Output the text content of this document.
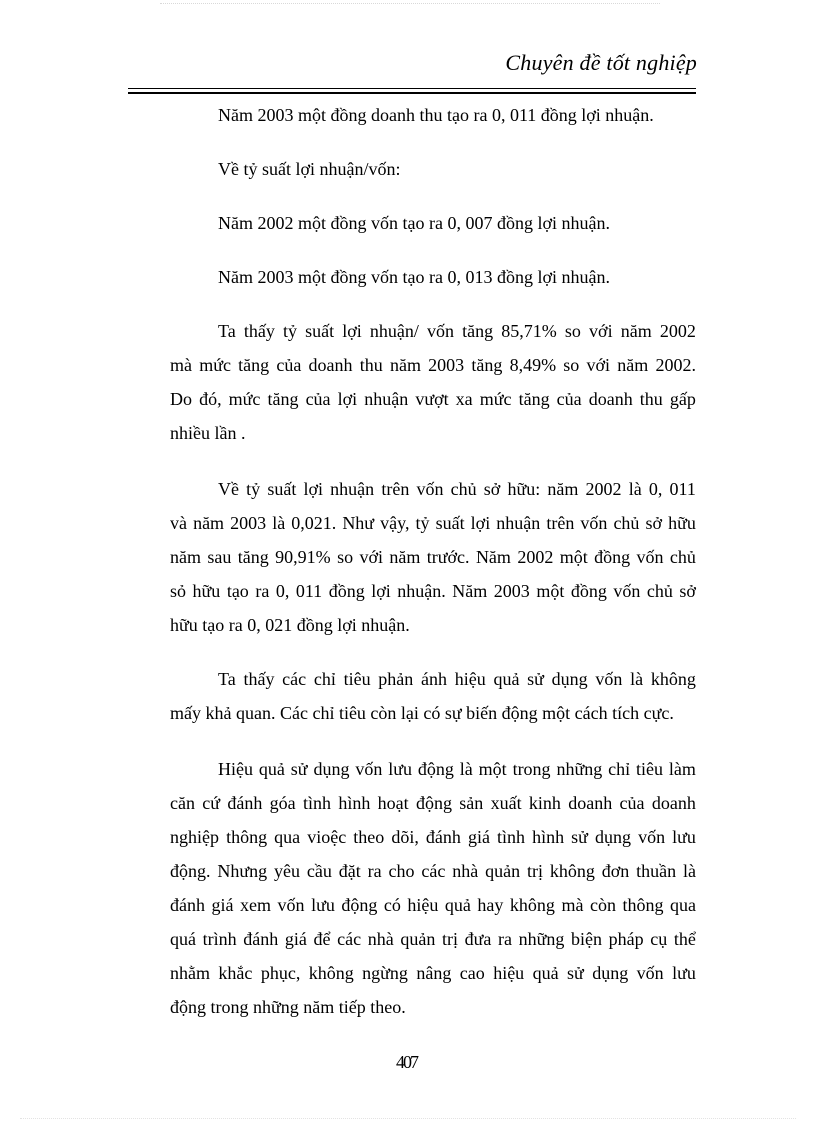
Chuyên đề tốt nghiệp
Năm 2003 một đồng doanh thu tạo ra 0, 011 đồng lợi nhuận.
Về tỷ suất lợi nhuận/vốn:
Năm 2002 một đồng vốn tạo ra 0, 007 đồng lợi nhuận.
Năm 2003 một đồng vốn tạo ra 0, 013 đồng lợi nhuận.
Ta thấy tỷ suất lợi nhuận/ vốn tăng 85,71% so với năm 2002
mà mức tăng của doanh thu năm 2003 tăng 8,49% so với năm 2002.
Do đó, mức tăng của lợi nhuận vượt xa mức tăng của doanh thu gấp
nhiều lần .
Về tỷ suất lợi nhuận trên vốn chủ sở hữu: năm 2002 là 0, 011
và năm 2003 là 0,021. Như vậy, tỷ suất lợi nhuận trên vốn chủ sở hữu
năm sau tăng 90,91% so với năm trước. Năm 2002 một đồng vốn chủ
sỏ hữu tạo ra 0, 011 đồng lợi nhuận. Năm 2003 một đồng vốn chủ sở
hữu tạo ra 0, 021 đồng lợi nhuận.
Ta thấy các chỉ tiêu phản ánh hiệu quả sử dụng vốn là không
mấy khả quan. Các chỉ tiêu còn lại có sự biến động một cách tích cực.
Hiệu quả sử dụng vốn lưu động là một trong những chỉ tiêu làm
căn cứ đánh góa tình hình hoạt động sản xuất kinh doanh của doanh
nghiệp thông qua vioệc theo dõi, đánh giá tình hình sử dụng vốn lưu
động. Nhưng yêu cầu đặt ra cho các nhà quản trị không đơn thuần là
đánh giá xem vốn lưu động có hiệu quả hay không mà còn thông qua
quá trình đánh giá để các nhà quản trị đưa ra những biện pháp cụ thể
nhằm khắc phục, không ngừng nâng cao hiệu quả sử dụng vốn lưu
động trong những năm tiếp theo.
407
